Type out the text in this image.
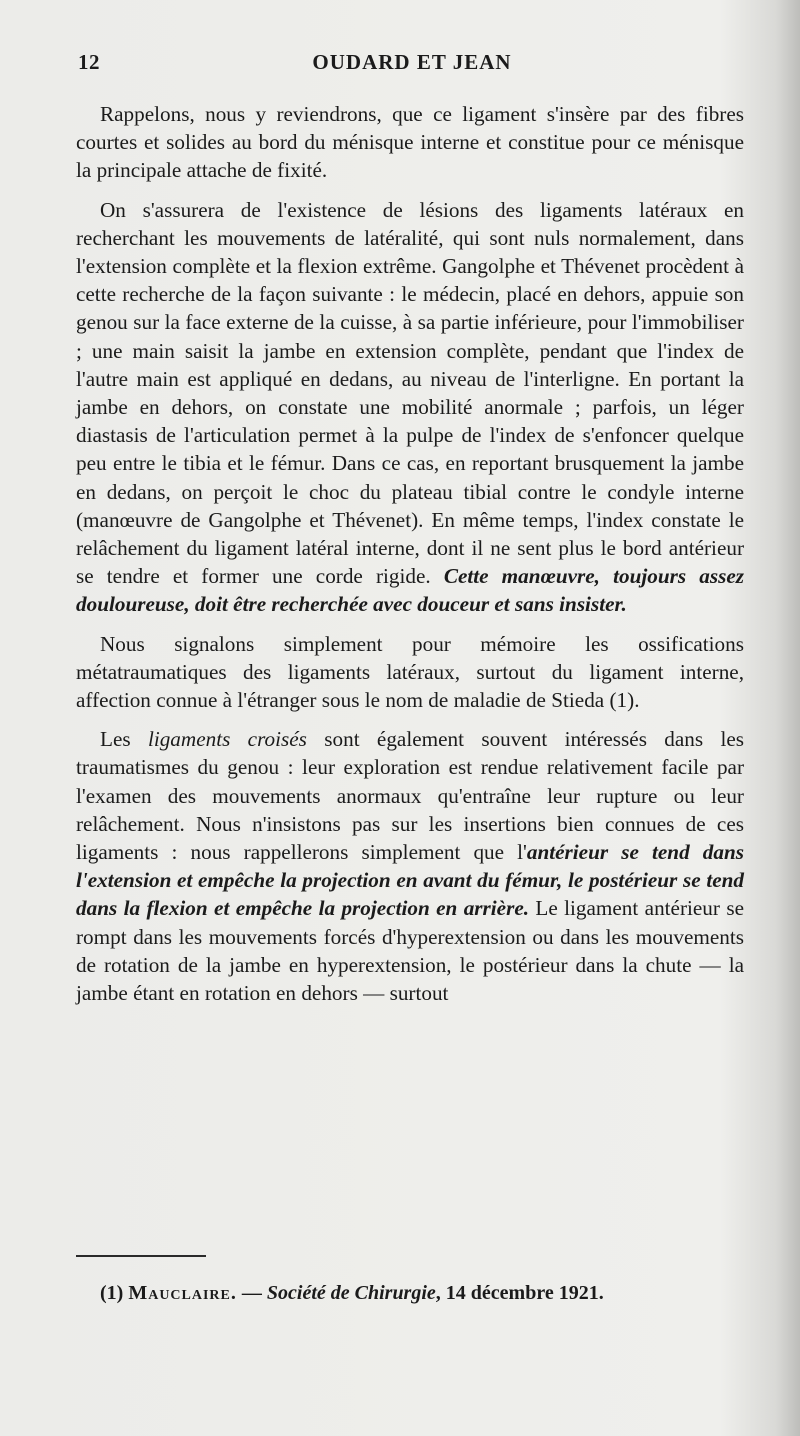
12	OUDARD ET JEAN

Rappelons, nous y reviendrons, que ce ligament s'insère par des fibres courtes et solides au bord du ménisque interne et constitue pour ce ménisque la principale attache de fixité.

On s'assurera de l'existence de lésions des ligaments latéraux en recherchant les mouvements de latéralité, qui sont nuls normalement, dans l'extension complète et la flexion extrême. Gangolphe et Thévenet procèdent à cette recherche de la façon suivante : le médecin, placé en dehors, appuie son genou sur la face externe de la cuisse, à sa partie inférieure, pour l'immobiliser ; une main saisit la jambe en extension complète, pendant que l'index de l'autre main est appliqué en dedans, au niveau de l'interligne. En portant la jambe en dehors, on constate une mobilité anormale ; parfois, un léger diastasis de l'articulation permet à la pulpe de l'index de s'enfoncer quelque peu entre le tibia et le fémur. Dans ce cas, en reportant brusquement la jambe en dedans, on perçoit le choc du plateau tibial contre le condyle interne (manœuvre de Gangolphe et Thévenet). En même temps, l'index constate le relâchement du ligament latéral interne, dont il ne sent plus le bord antérieur se tendre et former une corde rigide. Cette manœuvre, toujours assez douloureuse, doit être recherchée avec douceur et sans insister.

Nous signalons simplement pour mémoire les ossifications métatraumatiques des ligaments latéraux, surtout du ligament interne, affection connue à l'étranger sous le nom de maladie de Stieda (1).

Les ligaments croisés sont également souvent intéressés dans les traumatismes du genou : leur exploration est rendue relativement facile par l'examen des mouvements anormaux qu'entraîne leur rupture ou leur relâchement. Nous n'insistons pas sur les insertions bien connues de ces ligaments : nous rappellerons simplement que l'antérieur se tend dans l'extension et empêche la projection en avant du fémur, le postérieur se tend dans la flexion et empêche la projection en arrière. Le ligament antérieur se rompt dans les mouvements forcés d'hyperextension ou dans les mouvements de rotation de la jambe en hyperextension, le postérieur dans la chute — la jambe étant en rotation en dehors — surtout

(1) Mauclaire. — Société de Chirurgie, 14 décembre 1921.
